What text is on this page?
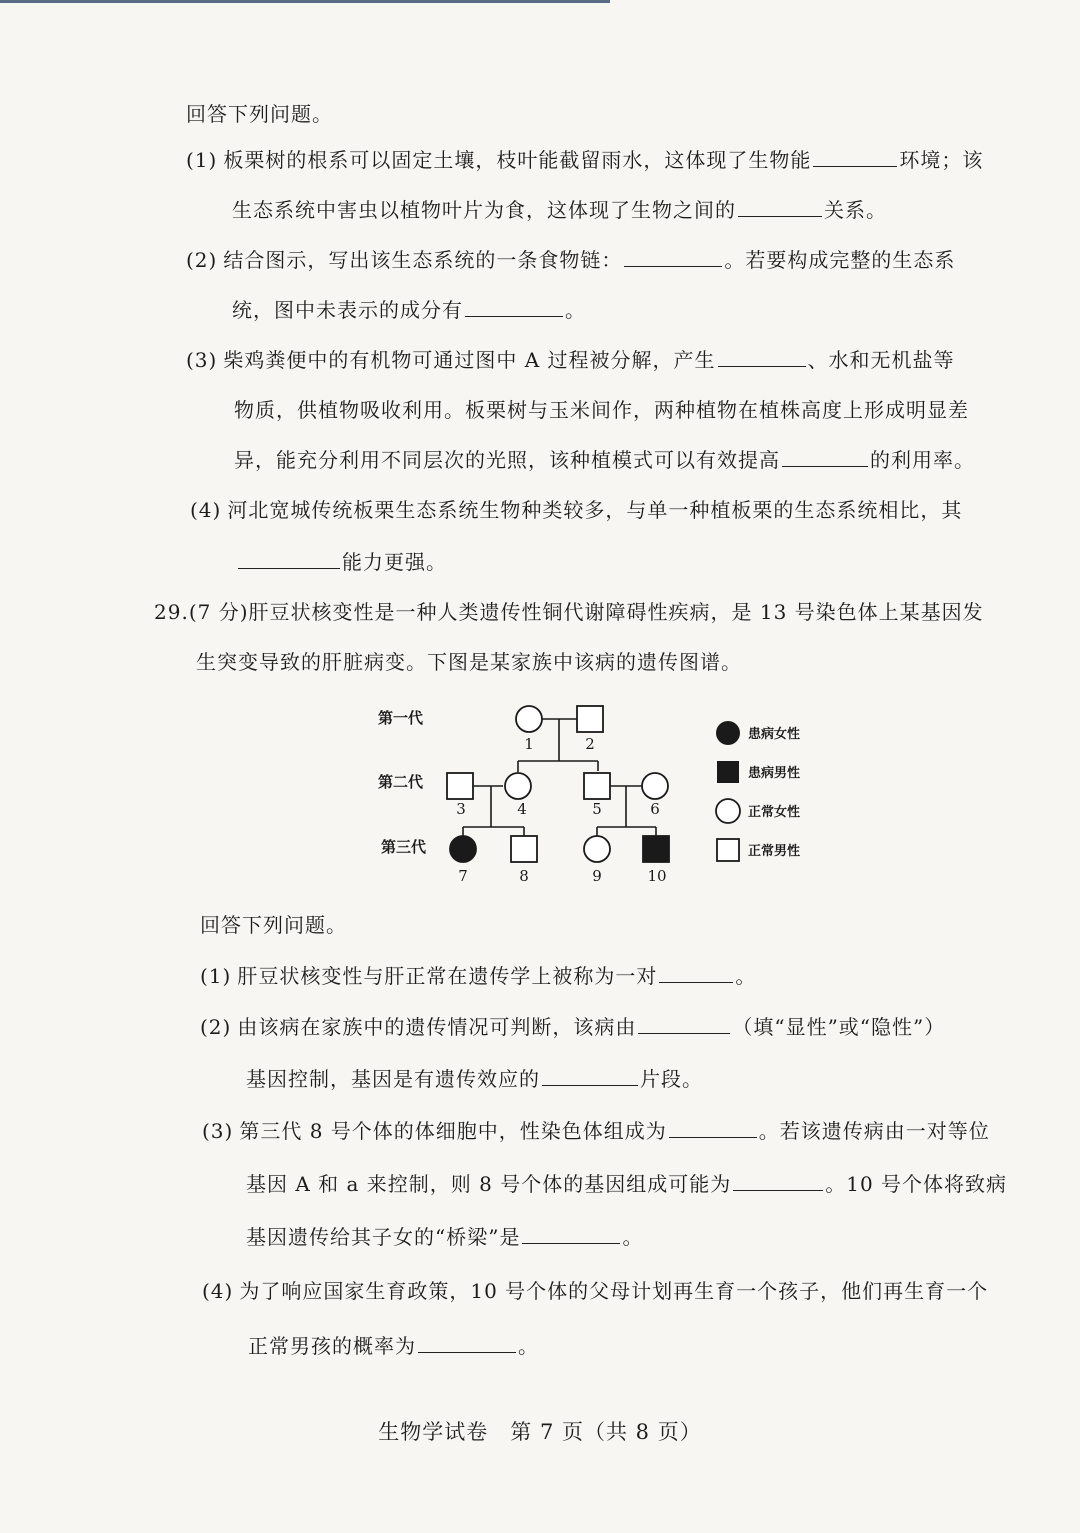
回答下列问题。
(1) 板栗树的根系可以固定土壤，枝叶能截留雨水，这体现了生物能	环境；该
生态系统中害虫以植物叶片为食，这体现了生物之间的	关系。
(2) 结合图示，写出该生态系统的一条食物链：	。若要构成完整的生态系
统，图中未表示的成分有	。
(3) 柴鸡粪便中的有机物可通过图中 A 过程被分解，产生	、水和无机盐等
物质，供植物吸收利用。板栗树与玉米间作，两种植物在植株高度上形成明显差
异，能充分利用不同层次的光照，该种植模式可以有效提高	的利用率。
(4) 河北宽城传统板栗生态系统生物种类较多，与单一种植板栗的生态系统相比，其
能力更强。
29.(7 分)肝豆状核变性是一种人类遗传性铜代谢障碍性疾病，是 13 号染色体上某基因发
生突变导致的肝脏病变。下图是某家族中该病的遗传图谱。
第一代
第二代
第三代
1	2
3	4	5	6
7	8	9	10
患病女性
患病男性
正常女性
正常男性
回答下列问题。
(1) 肝豆状核变性与肝正常在遗传学上被称为一对	。
(2) 由该病在家族中的遗传情况可判断，该病由	（填“显性”或“隐性”）
基因控制，基因是有遗传效应的	片段。
(3) 第三代 8 号个体的体细胞中，性染色体组成为	。若该遗传病由一对等位
基因 A 和 a 来控制，则 8 号个体的基因组成可能为	。10 号个体将致病
基因遗传给其子女的“桥梁”是	。
(4) 为了响应国家生育政策，10 号个体的父母计划再生育一个孩子，他们再生育一个
正常男孩的概率为	。
生物学试卷　第 7 页（共 8 页）
